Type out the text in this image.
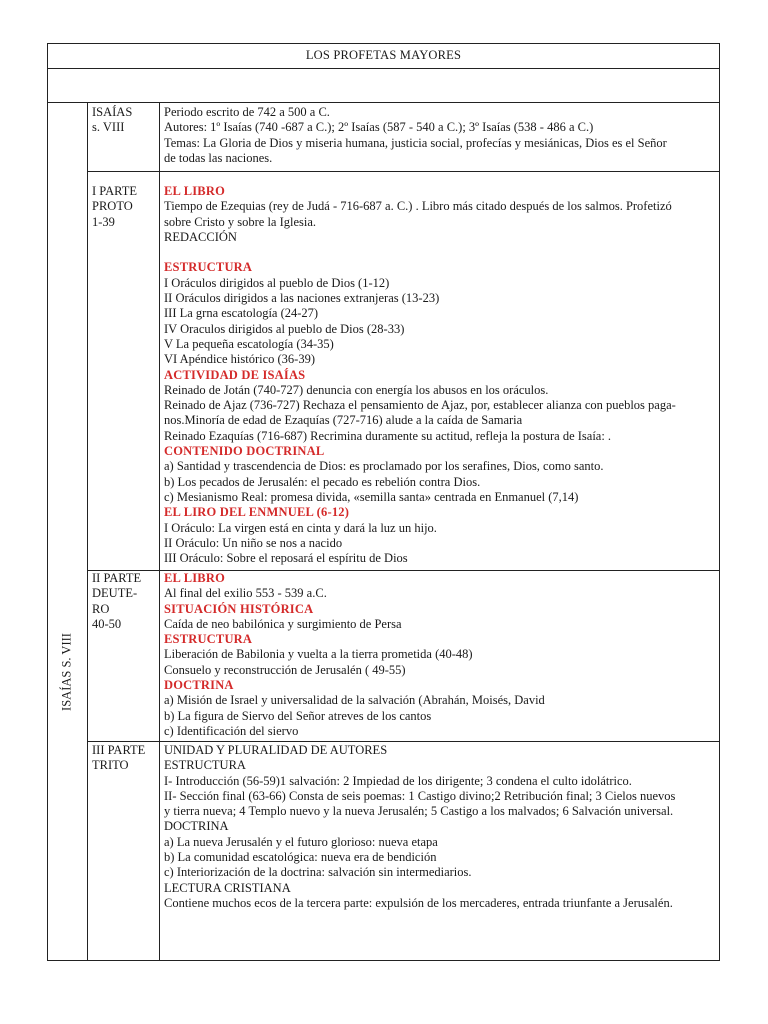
LOS PROFETAS MAYORES
ISAÍAS S. VIII
ISAÍAS
s. VIII
I PARTE
PROTO
1-39
II PARTE
DEUTE-
RO
40-50
III PARTE
TRITO
Periodo escrito de 742 a 500 a C.
Autores: 1º Isaías (740 -687 a C.); 2º Isaías (587 - 540 a C.); 3º Isaías (538 - 486 a C.)
Temas: La Gloria de Dios y miseria humana, justicia social, profecías y mesiánicas, Dios es el Señor
de todas las naciones.
EL LIBRO
Tiempo de Ezequias (rey de Judá - 716-687 a. C.) . Libro más citado después de los salmos. Profetizó
sobre Cristo y sobre la Iglesia.
REDACCIÓN

ESTRUCTURA
I Oráculos dirigidos al pueblo de Dios (1-12)
II Oráculos dirigidos a las naciones extranjeras (13-23)
III La grna escatología (24-27)
IV Oraculos dirigidos al pueblo de Dios (28-33)
V La pequeña escatología (34-35)
VI Apéndice histórico (36-39)
ACTIVIDAD DE ISAÍAS
Reinado de Jotán (740-727) denuncia con energía los abusos en los oráculos.
Reinado de Ajaz (736-727) Rechaza el pensamiento de Ajaz, por, establecer alianza con pueblos paga-
nos.Minoría de edad de Ezaquías (727-716) alude a la caída de Samaria
Reinado Ezaquías (716-687) Recrimina duramente su actitud, refleja la postura de Isaía: .
CONTENIDO DOCTRINAL
a) Santidad y trascendencia de Dios: es proclamado por los serafines, Dios, como santo.
b) Los pecados de Jerusalén: el pecado es rebelión contra Dios.
c) Mesianismo Real: promesa divida, «semilla santa» centrada en Enmanuel (7,14)
EL LIRO DEL ENMNUEL (6-12)
I Oráculo: La virgen está en cinta y dará la luz un hijo.
II Oráculo: Un niño se nos a nacido
III Oráculo: Sobre el reposará el espíritu de Dios
EL LIBRO
Al final del exilio 553 - 539 a.C.
SITUACIÓN HISTÓRICA
Caída de neo babilónica y surgimiento de Persa
ESTRUCTURA
Liberación de Babilonia y vuelta a la tierra prometida (40-48)
Consuelo y reconstrucción de Jerusalén ( 49-55)
DOCTRINA
a) Misión de Israel y universalidad de la salvación (Abrahán, Moisés, David
b) La figura de Siervo del Señor atreves de los cantos
c) Identificación del siervo
UNIDAD Y PLURALIDAD DE AUTORES
ESTRUCTURA
I- Introducción (56-59)1 salvación: 2 Impiedad de los dirigente; 3 condena el culto idolátrico.
II- Sección final (63-66) Consta de seis poemas: 1 Castigo divino;2 Retribución final; 3 Cielos nuevos
y tierra nueva; 4 Templo nuevo y la nueva Jerusalén; 5 Castigo a los malvados; 6 Salvación universal.
DOCTRINA
a) La nueva Jerusalén y el futuro glorioso: nueva etapa
b) La comunidad escatológica: nueva era de bendición
c) Interiorización de la doctrina: salvación sin intermediarios.
LECTURA CRISTIANA
Contiene muchos ecos de la tercera parte: expulsión de los mercaderes, entrada triunfante a Jerusalén.
